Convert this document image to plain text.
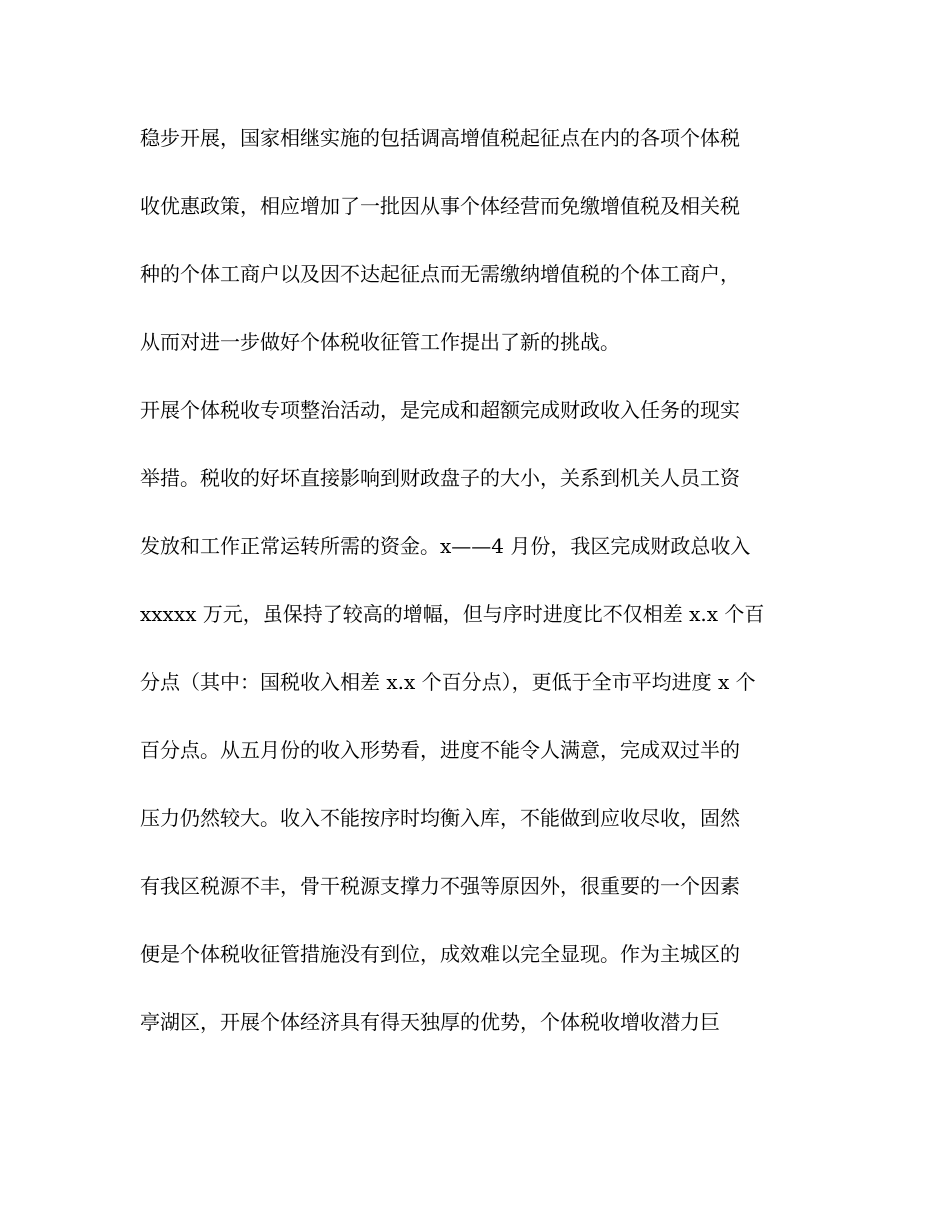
稳步开展，国家相继实施的包括调高增值税起征点在内的各项个体税
收优惠政策，相应增加了一批因从事个体经营而免缴增值税及相关税
种的个体工商户以及因不达起征点而无需缴纳增值税的个体工商户，
从而对进一步做好个体税收征管工作提出了新的挑战。
开展个体税收专项整治活动，是完成和超额完成财政收入任务的现实
举措。税收的好坏直接影响到财政盘子的大小，关系到机关人员工资
发放和工作正常运转所需的资金。x——4 月份，我区完成财政总收入
xxxxx 万元，虽保持了较高的增幅，但与序时进度比不仅相差 x.x 个百
分点（其中：国税收入相差 x.x 个百分点），更低于全市平均进度 x 个
百分点。从五月份的收入形势看，进度不能令人满意，完成双过半的
压力仍然较大。收入不能按序时均衡入库，不能做到应收尽收，固然
有我区税源不丰，骨干税源支撑力不强等原因外，很重要的一个因素
便是个体税收征管措施没有到位，成效难以完全显现。作为主城区的
亭湖区，开展个体经济具有得天独厚的优势，个体税收增收潜力巨
